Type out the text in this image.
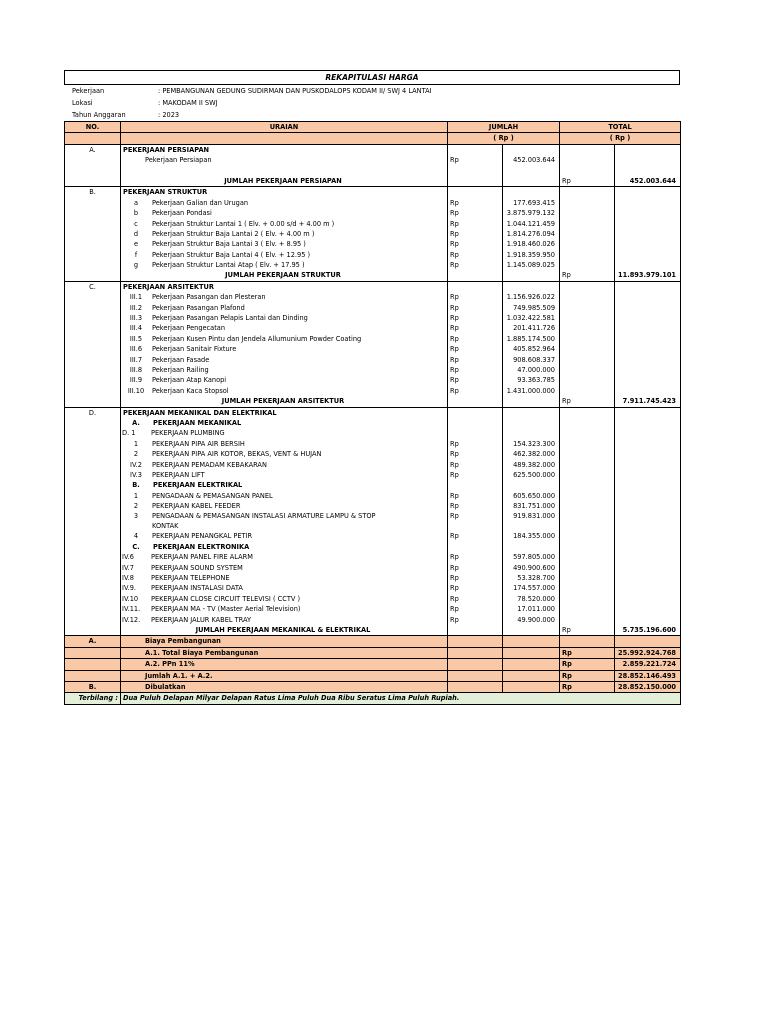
REKAPITULASI HARGA
Pekerjaan	: PEMBANGUNAN GEDUNG SUDIRMAN DAN PUSKODALOPS KODAM II/ SWJ 4 LANTAI
Lokasi	: MAKODAM II SWJ
Tahun Anggaran	: 2023
NO.	URAIAN	JUMLAH		TOTAL	
		( Rp )		( Rp )	
A.	PEKERJAAN PERSIAPAN				
	Pekerjaan Persiapan	Rp	452.003.644		

	JUMLAH PEKERJAAN PERSIAPAN			Rp	452.003.644
B.	PEKERJAAN STRUKTUR				
	a Pekerjaan Galian dan Urugan	Rp	177.693.415		
	b Pekerjaan Pondasi	Rp	3.875.979.132		
	c Pekerjaan Struktur Lantai 1 ( Elv. + 0.00 s/d + 4.00 m )	Rp	1.044.121.459		
	d Pekerjaan Struktur Baja Lantai 2 ( Elv. + 4.00 m )	Rp	1.814.276.094		
	e Pekerjaan Struktur Baja Lantai 3 ( Elv. + 8.95 )	Rp	1.918.460.026		
	f Pekerjaan Struktur Baja Lantai 4 ( Elv. + 12.95 )	Rp	1.918.359.950		
	g Pekerjaan Struktur Lantai Atap ( Elv. + 17.95 )	Rp	1.145.089.025		
	JUMLAH PEKERJAAN STRUKTUR			Rp	11.893.979.101
C.	PEKERJAAN ARSITEKTUR				
	III.1 Pekerjaan Pasangan dan Plesteran	Rp	1.156.926.022		
	III.2 Pekerjaan Pasangan Plafond	Rp	749.985.509		
	III.3 Pekerjaan Pasangan Pelapis Lantai dan Dinding	Rp	1.032.422.581		
	III.4 Pekerjaan Pengecatan	Rp	201.411.726		
	III.5 Pekerjaan Kusen Pintu dan Jendela Allumunium Powder Coating	Rp	1.885.174.500		
	III.6 Pekerjaan Sanitair Fixture	Rp	405.852.964		
	III.7 Pekerjaan Fasade	Rp	908.608.337		
	III.8 Pekerjaan Railing	Rp	47.000.000		
	III.9 Pekerjaan Atap Kanopi	Rp	93.363.785		
	III.10 Pekerjaan Kaca Stopsol	Rp	1.431.000.000		
	JUMLAH PEKERJAAN ARSITEKTUR			Rp	7.911.745.423
D.	PEKERJAAN MEKANIKAL DAN ELEKTRIKAL				
	A. PEKERJAAN MEKANIKAL				
	D. 1 PEKERJAAN PLUMBING				
	1 PEKERJAAN PIPA AIR BERSIH	Rp	154.323.300		
	2 PEKERJAAN PIPA AIR KOTOR, BEKAS, VENT & HUJAN	Rp	462.382.000		
	IV.2 PEKERJAAN PEMADAM KEBAKARAN	Rp	489.382.000		
	IV.3 PEKERJAAN LIFT	Rp	625.500.000		
	B. PEKERJAAN ELEKTRIKAL				
	1 PENGADAAN & PEMASANGAN PANEL	Rp	605.650.000		
	2 PEKERJAAN KABEL FEEDER	Rp	831.751.000		
	3 PENGADAAN & PEMASANGAN INSTALASI ARMATURE LAMPU & STOP
KONTAK	Rp	919.831.000		
	4 PEKERJAAN PENANGKAL PETIR	Rp	184.355.000		
	C. PEKERJAAN ELEKTRONIKA				
	IV.6 PEKERJAAN PANEL FIRE ALARM	Rp	597.805.000		
	IV.7 PEKERJAAN SOUND SYSTEM	Rp	490.900.600		
	IV.8 PEKERJAAN TELEPHONE	Rp	53.328.700		
	IV.9. PEKERJAAN INSTALASI DATA	Rp	174.557.000		
	IV.10 PEKERJAAN CLOSE CIRCUIT TELEVISI ( CCTV )	Rp	78.520.000		
	IV.11. PEKERJAAN MA - TV (Master Aerial Television)	Rp	17.011.000		
	IV.12. PEKERJAAN JALUR KABEL TRAY	Rp	49.900.000		
	JUMLAH PEKERJAAN MEKANIKAL & ELEKTRIKAL			Rp	5.735.196.600
A.	Biaya Pembangunan				
	A.1. Total Biaya Pembangunan			Rp	25.992.924.768
	A.2. PPn 11%			Rp	2.859.221.724
	Jumlah A.1. + A.2.			Rp	28.852.146.493
B.	Dibulatkan			Rp	28.852.150.000
Terbilang :	Dua Puluh Delapan Milyar Delapan Ratus Lima Puluh Dua Ribu Seratus Lima Puluh Rupiah.				
